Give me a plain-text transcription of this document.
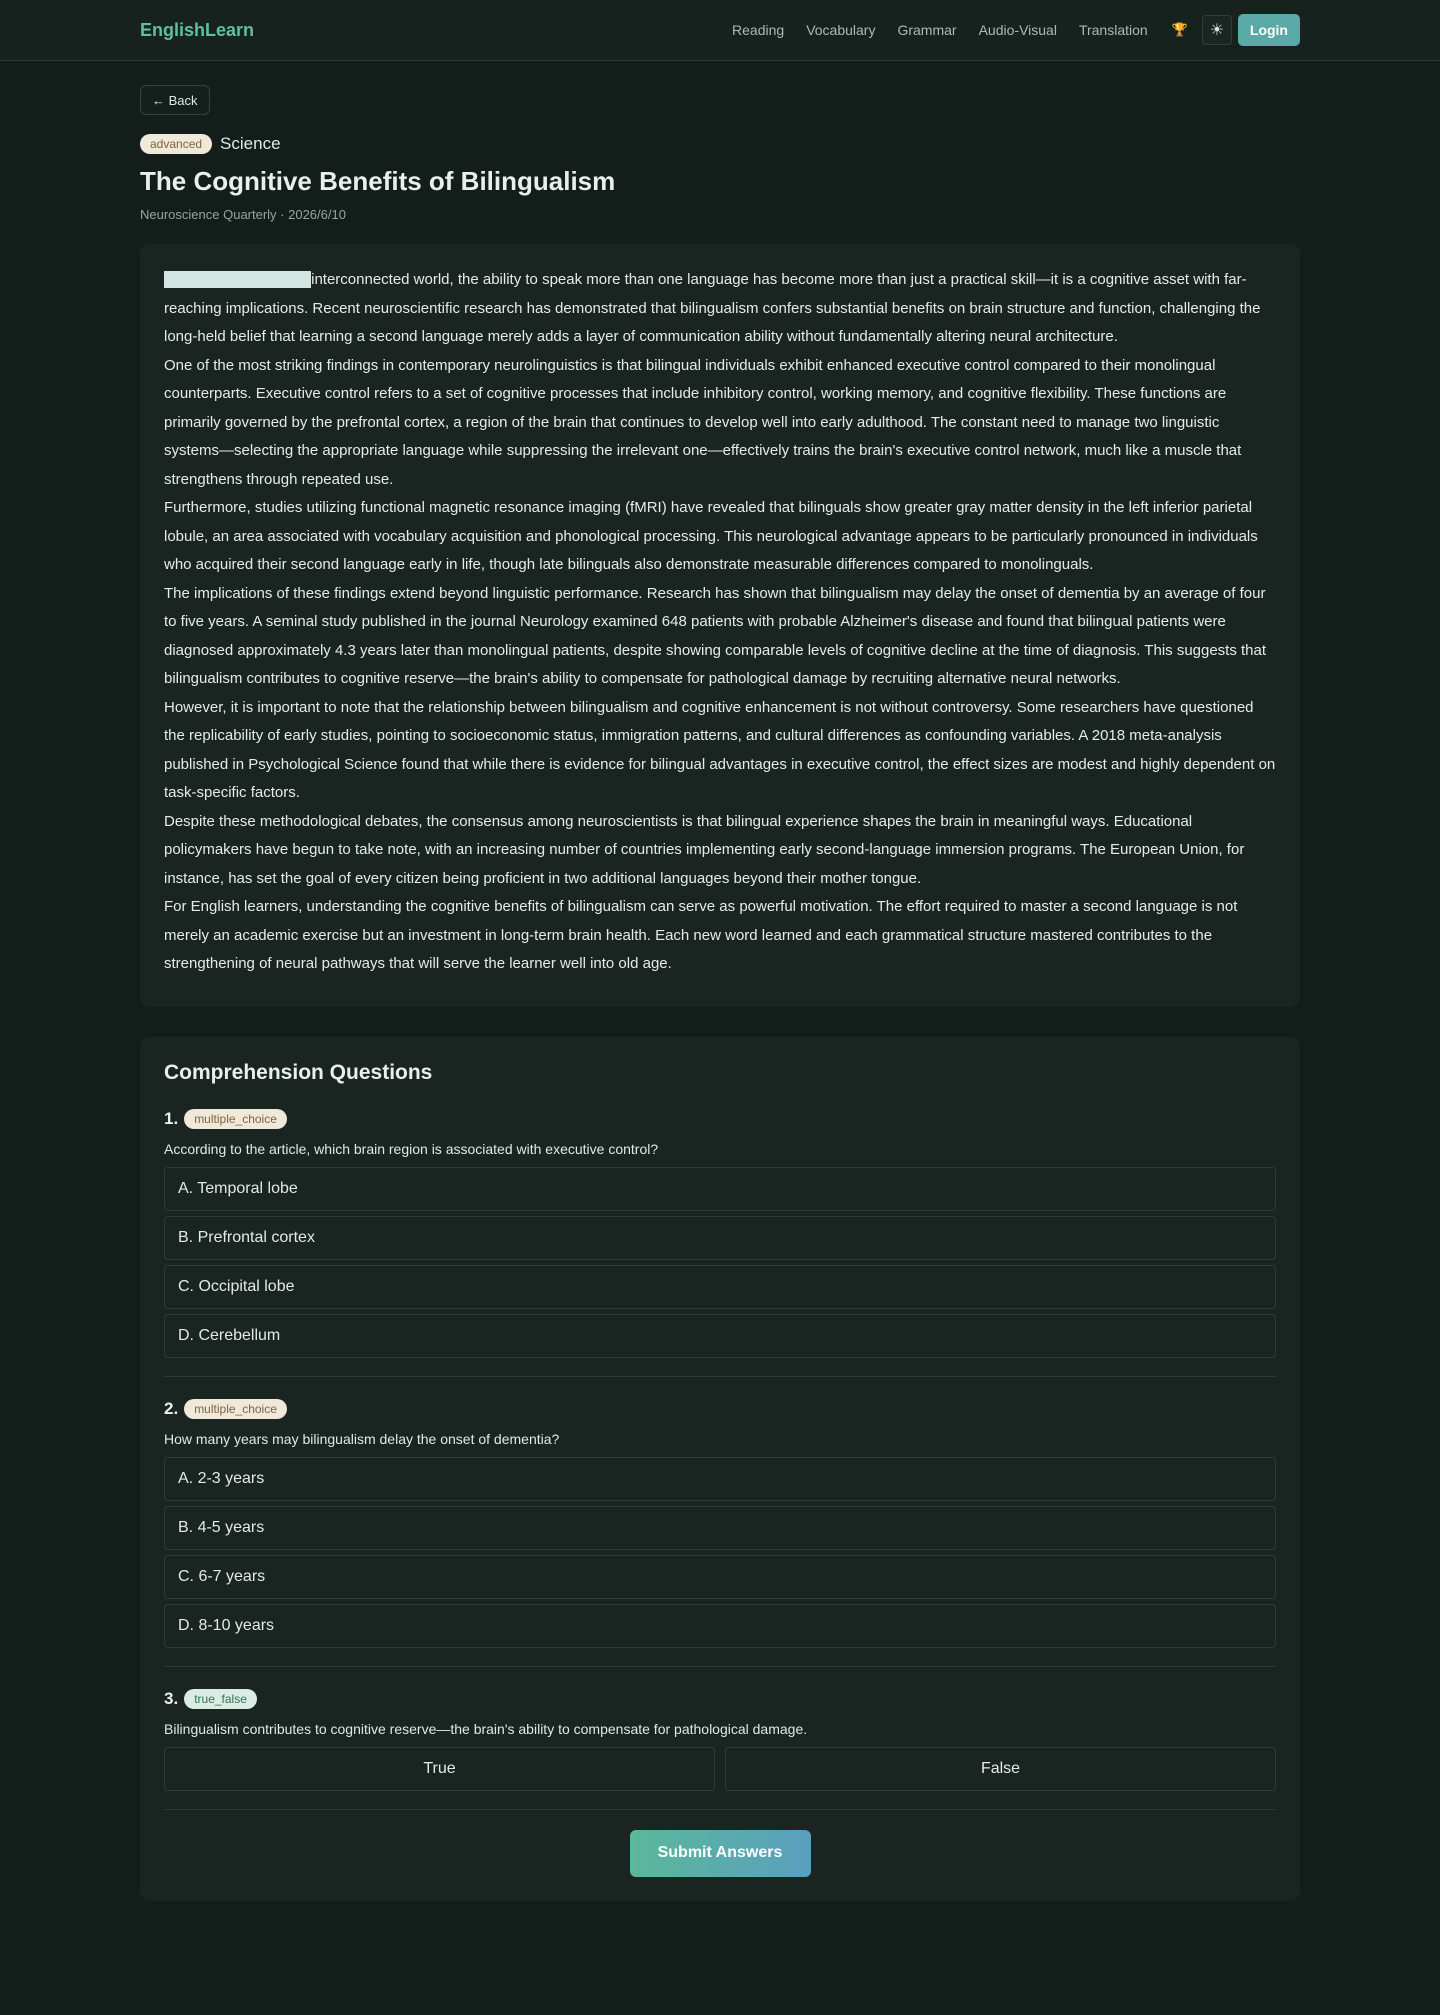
EnglishLearn	Reading Vocabulary Grammar Audio-Visual Translation 🏆 ☀	Login
← Back
advanced	Science
The Cognitive Benefits of Bilingualism
Neuroscience Quarterly · 2026/6/10

In today's increasinglyinterconnected world, the ability to speak more than one language has become more than just a practical skill—it is a cognitive asset with far-reaching implications. Recent neuroscientific research has demonstrated that bilingualism confers substantial benefits on brain structure and function, challenging the long-held belief that learning a second language merely adds a layer of communication ability without fundamentally altering neural architecture.

One of the most striking findings in contemporary neurolinguistics is that bilingual individuals exhibit enhanced executive control compared to their monolingual counterparts. Executive control refers to a set of cognitive processes that include inhibitory control, working memory, and cognitive flexibility. These functions are primarily governed by the prefrontal cortex, a region of the brain that continues to develop well into early adulthood. The constant need to manage two linguistic systems—selecting the appropriate language while suppressing the irrelevant one—effectively trains the brain's executive control network, much like a muscle that strengthens through repeated use.

Furthermore, studies utilizing functional magnetic resonance imaging (fMRI) have revealed that bilinguals show greater gray matter density in the left inferior parietal lobule, an area associated with vocabulary acquisition and phonological processing. This neurological advantage appears to be particularly pronounced in individuals who acquired their second language early in life, though late bilinguals also demonstrate measurable differences compared to monolinguals.

The implications of these findings extend beyond linguistic performance. Research has shown that bilingualism may delay the onset of dementia by an average of four to five years. A seminal study published in the journal Neurology examined 648 patients with probable Alzheimer's disease and found that bilingual patients were diagnosed approximately 4.3 years later than monolingual patients, despite showing comparable levels of cognitive decline at the time of diagnosis. This suggests that bilingualism contributes to cognitive reserve—the brain's ability to compensate for pathological damage by recruiting alternative neural networks.

However, it is important to note that the relationship between bilingualism and cognitive enhancement is not without controversy. Some researchers have questioned the replicability of early studies, pointing to socioeconomic status, immigration patterns, and cultural differences as confounding variables. A 2018 meta-analysis published in Psychological Science found that while there is evidence for bilingual advantages in executive control, the effect sizes are modest and highly dependent on task-specific factors.

Despite these methodological debates, the consensus among neuroscientists is that bilingual experience shapes the brain in meaningful ways. Educational policymakers have begun to take note, with an increasing number of countries implementing early second-language immersion programs. The European Union, for instance, has set the goal of every citizen being proficient in two additional languages beyond their mother tongue.

For English learners, understanding the cognitive benefits of bilingualism can serve as powerful motivation. The effort required to master a second language is not merely an academic exercise but an investment in long-term brain health. Each new word learned and each grammatical structure mastered contributes to the strengthening of neural pathways that will serve the learner well into old age.

Comprehension Questions
1.	multiple_choice
According to the article, which brain region is associated with executive control?
A. Temporal lobe
B. Prefrontal cortex
C. Occipital lobe
D. Cerebellum
2.	multiple_choice
How many years may bilingualism delay the onset of dementia?
A. 2-3 years
B. 4-5 years
C. 6-7 years
D. 8-10 years
3.	true_false
Bilingualism contributes to cognitive reserve—the brain's ability to compensate for pathological damage.
True	False
Submit Answers
